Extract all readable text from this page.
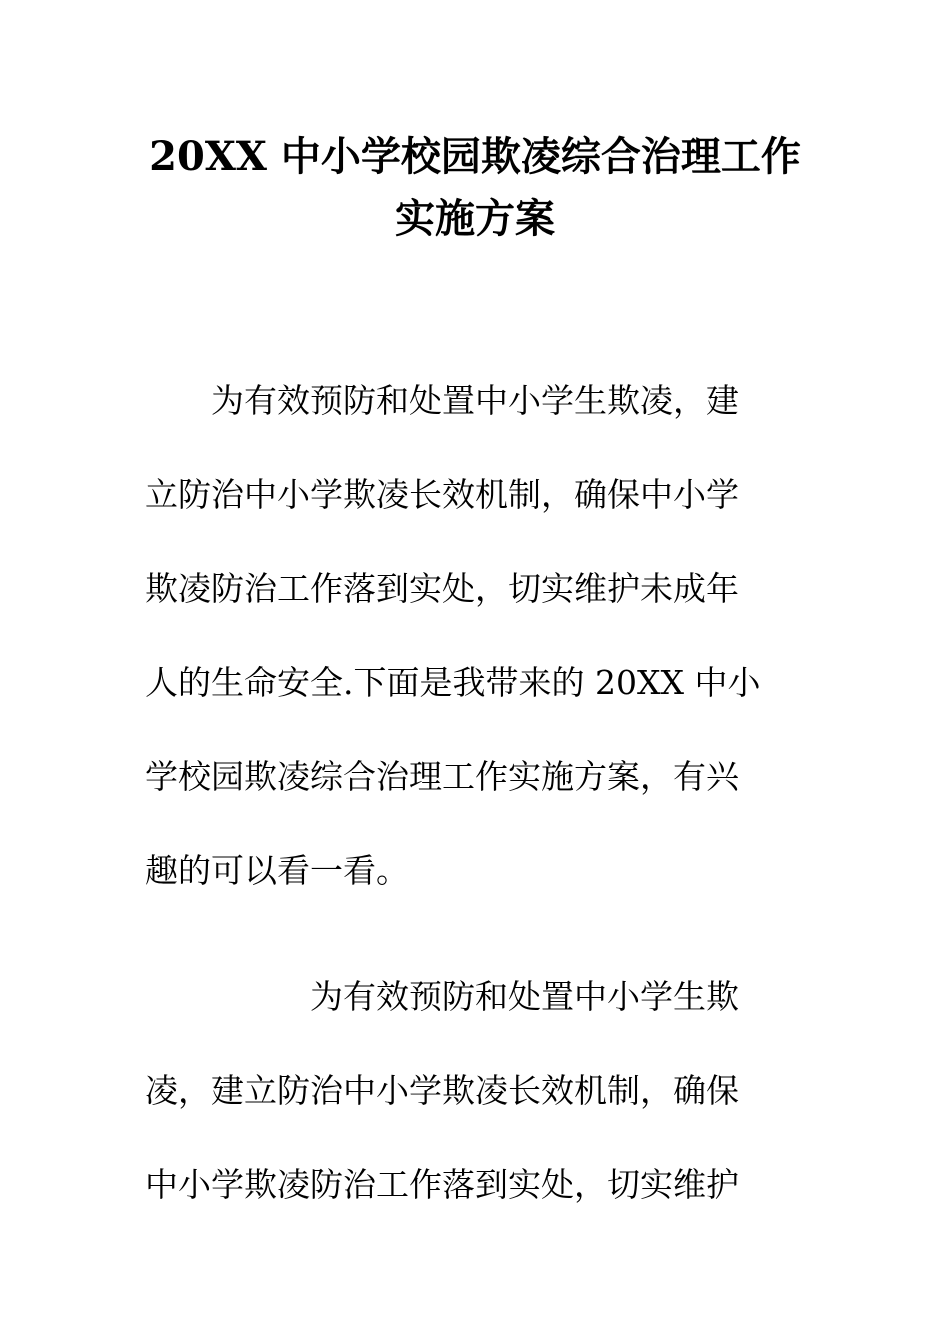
20XX 中小学校园欺凌综合治理工作
实施方案
　　为有效预防和处置中小学生欺凌，建
立防治中小学欺凌长效机制，确保中小学
欺凌防治工作落到实处，切实维护未成年
人的生命安全.下面是我带来的 20XX 中小
学校园欺凌综合治理工作实施方案，有兴
趣的可以看一看。
　　　　　为有效预防和处置中小学生欺
凌，建立防治中小学欺凌长效机制，确保
中小学欺凌防治工作落到实处，切实维护
